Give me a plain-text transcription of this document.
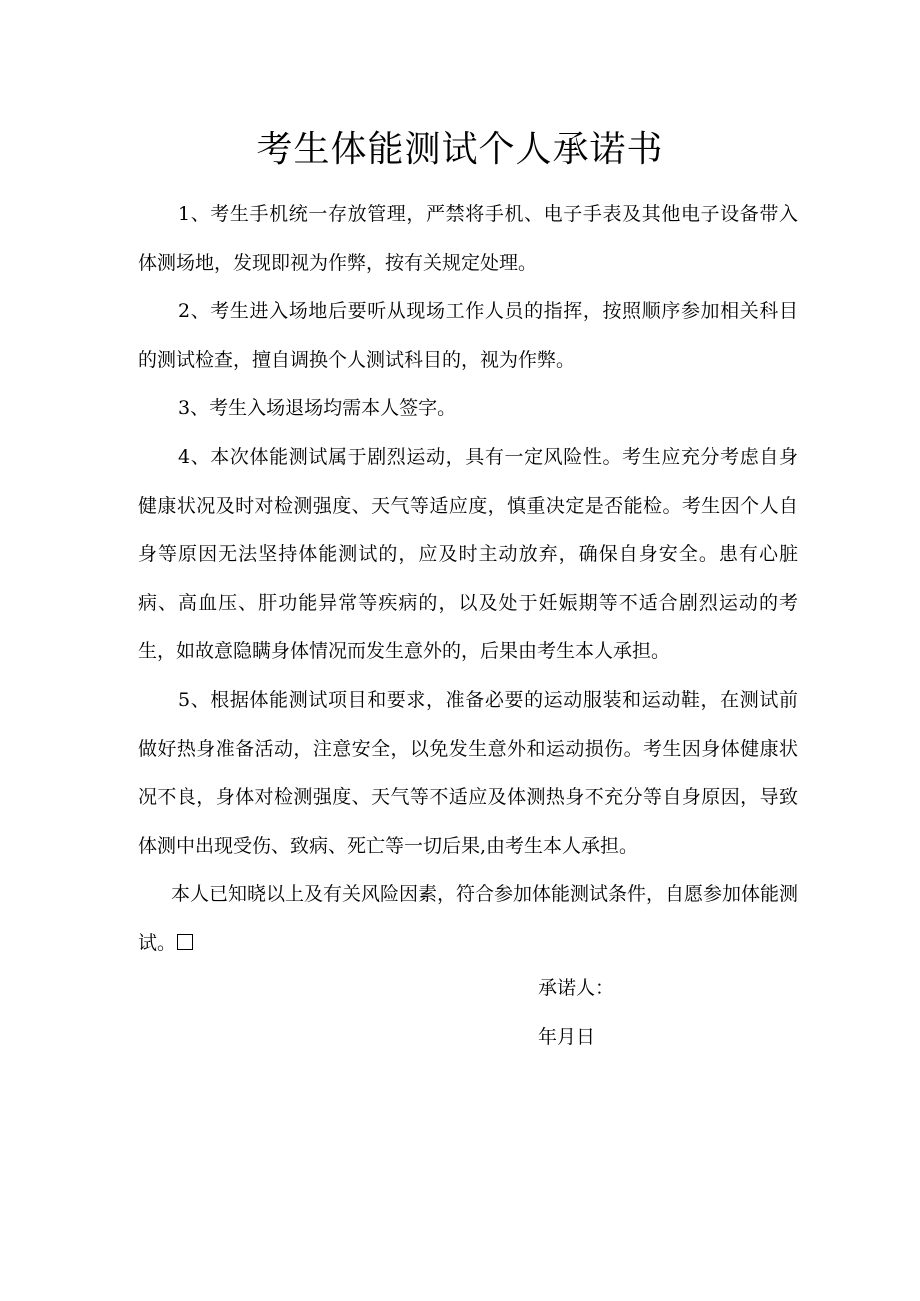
考生体能测试个人承诺书

1、考生手机统一存放管理，严禁将手机、电子手表及其他电子设备带入体测场地，发现即视为作弊，按有关规定处理。

2、考生进入场地后要听从现场工作人员的指挥，按照顺序参加相关科目的测试检查，擅自调换个人测试科目的，视为作弊。

3、考生入场退场均需本人签字。

4、本次体能测试属于剧烈运动，具有一定风险性。考生应充分考虑自身健康状况及时对检测强度、天气等适应度，慎重决定是否能检。考生因个人自身等原因无法坚持体能测试的，应及时主动放弃，确保自身安全。患有心脏病、高血压、肝功能异常等疾病的，以及处于妊娠期等不适合剧烈运动的考生，如故意隐瞒身体情况而发生意外的，后果由考生本人承担。

5、根据体能测试项目和要求，准备必要的运动服装和运动鞋，在测试前做好热身准备活动，注意安全，以免发生意外和运动损伤。考生因身体健康状况不良，身体对检测强度、天气等不适应及体测热身不充分等自身原因，导致体测中出现受伤、致病、死亡等一切后果,由考生本人承担。

本人已知晓以上及有关风险因素，符合参加体能测试条件，自愿参加体能测试。

承诺人：

年月日
